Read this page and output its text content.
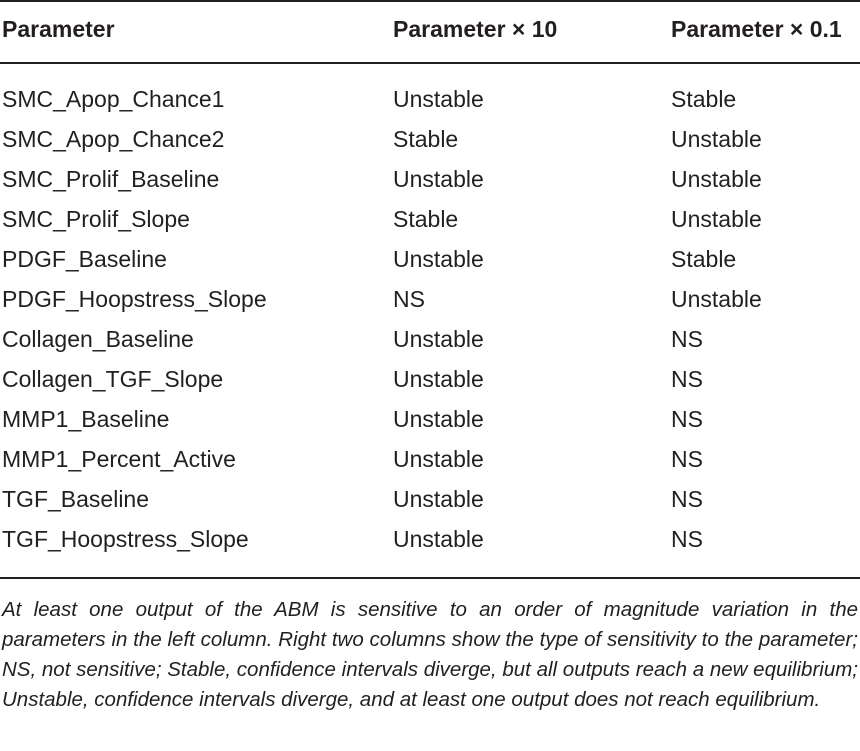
Parameter	Parameter × 10	Parameter × 0.1
SMC_Apop_Chance1	Unstable	Stable
SMC_Apop_Chance2	Stable	Unstable
SMC_Prolif_Baseline	Unstable	Unstable
SMC_Prolif_Slope	Stable	Unstable
PDGF_Baseline	Unstable	Stable
PDGF_Hoopstress_Slope	NS	Unstable
Collagen_Baseline	Unstable	NS
Collagen_TGF_Slope	Unstable	NS
MMP1_Baseline	Unstable	NS
MMP1_Percent_Active	Unstable	NS
TGF_Baseline	Unstable	NS
TGF_Hoopstress_Slope	Unstable	NS
At least one output of the ABM is sensitive to an order of magnitude variation in the parameters in the left column. Right two columns show the type of sensitivity to the parameter; NS, not sensitive; Stable, confidence intervals diverge, but all outputs reach a new equilibrium; Unstable, confidence intervals diverge, and at least one output does not reach equilibrium.
